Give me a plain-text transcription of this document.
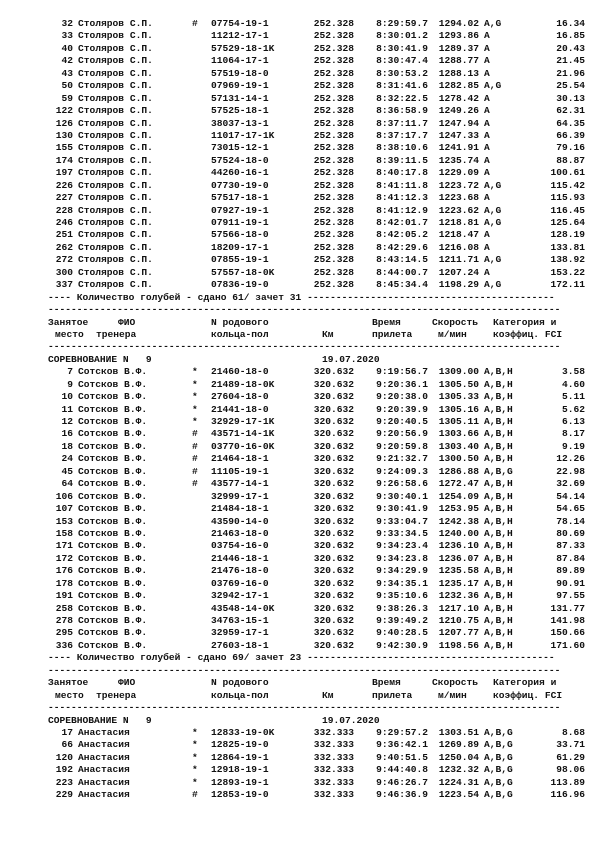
32 Столяров С.П.	# 07754-19-1	252.328	8:29:59.7	1294.02 A,G	16.34
33 Столяров С.П.	11212-17-1	252.328	8:30:01.2	1293.86 A	16.85
40 Столяров С.П.	57529-18-1K	252.328	8:30:41.9	1289.37 A	20.43
42 Столяров С.П.	11064-17-1	252.328	8:30:47.4	1288.77 A	21.45
43 Столяров С.П.	57519-18-0	252.328	8:30:53.2	1288.13 A	21.96
50 Столяров С.П.	07969-19-1	252.328	8:31:41.6	1282.85 A,G	25.54
59 Столяров С.П.	57131-14-1	252.328	8:32:22.5	1278.42 A	30.13
122 Столяров С.П.	57525-18-1	252.328	8:36:58.9	1249.26 A	62.31
126 Столяров С.П.	38037-13-1	252.328	8:37:11.7	1247.94 A	64.35
130 Столяров С.П.	11017-17-1K	252.328	8:37:17.7	1247.33 A	66.39
155 Столяров С.П.	73015-12-1	252.328	8:38:10.6	1241.91 A	79.16
174 Столяров С.П.	57524-18-0	252.328	8:39:11.5	1235.74 A	88.87
197 Столяров С.П.	44260-16-1	252.328	8:40:17.8	1229.09 A	100.61
226 Столяров С.П.	07730-19-0	252.328	8:41:11.8	1223.72 A,G	115.42
227 Столяров С.П.	57517-18-1	252.328	8:41:12.3	1223.68 A	115.93
228 Столяров С.П.	07927-19-1	252.328	8:41:12.9	1223.62 A,G	116.45
246 Столяров С.П.	07911-19-1	252.328	8:42:01.7	1218.81 A,G	125.64
251 Столяров С.П.	57566-18-0	252.328	8:42:05.2	1218.47 A	128.19
262 Столяров С.П.	18209-17-1	252.328	8:42:29.6	1216.08 A	133.81
272 Столяров С.П.	07855-19-1	252.328	8:43:14.5	1211.71 A,G	138.92
300 Столяров С.П.	57557-18-0K	252.328	8:44:00.7	1207.24 A	153.22
337 Столяров С.П.	07836-19-0	252.328	8:45:34.4	1198.29 A,G	172.11
---- Количество голубей - сдано 61/ зачет 31 -------------------------------------------
-----------------------------------------------------------------------------------------
Занятое	ФИО	N родового	Время	Скорость Категория и
место тренера	кольца-пол	Км	прилета	м/мин	коэффиц. FCI
-----------------------------------------------------------------------------------------
СОРЕВНОВАНИЕ N   9	19.07.2020
7 Сотсков В.Ф.	* 21460-18-0	320.632	9:19:56.7	1309.00 A,B,H	3.58
9 Сотсков В.Ф.	* 21489-18-0K	320.632	9:20:36.1	1305.50 A,B,H	4.60
10 Сотсков В.Ф.	* 27604-18-0	320.632	9:20:38.0	1305.33 A,B,H	5.11
11 Сотсков В.Ф.	* 21441-18-0	320.632	9:20:39.9	1305.16 A,B,H	5.62
12 Сотсков В.Ф.	* 32929-17-1K	320.632	9:20:40.5	1305.11 A,B,H	6.13
16 Сотсков В.Ф.	# 43571-14-1K	320.632	9:20:56.9	1303.66 A,B,H	8.17
18 Сотсков В.Ф.	# 03770-16-0K	320.632	9:20:59.8	1303.40 A,B,H	9.19
24 Сотсков В.Ф.	# 21464-18-1	320.632	9:21:32.7	1300.50 A,B,H	12.26
45 Сотсков В.Ф.	# 11105-19-1	320.632	9:24:09.3	1286.88 A,B,G	22.98
64 Сотсков В.Ф.	# 43577-14-1	320.632	9:26:58.6	1272.47 A,B,H	32.69
106 Сотсков В.Ф.	32999-17-1	320.632	9:30:40.1	1254.09 A,B,H	54.14
107 Сотсков В.Ф.	21484-18-1	320.632	9:30:41.9	1253.95 A,B,H	54.65
153 Сотсков В.Ф.	43590-14-0	320.632	9:33:04.7	1242.38 A,B,H	78.14
158 Сотсков В.Ф.	21463-18-0	320.632	9:33:34.5	1240.00 A,B,H	80.69
171 Сотсков В.Ф.	03754-16-0	320.632	9:34:23.4	1236.10 A,B,H	87.33
172 Сотсков В.Ф.	21446-18-1	320.632	9:34:23.8	1236.07 A,B,H	87.84
176 Сотсков В.Ф.	21476-18-0	320.632	9:34:29.9	1235.58 A,B,H	89.89
178 Сотсков В.Ф.	03769-16-0	320.632	9:34:35.1	1235.17 A,B,H	90.91
191 Сотсков В.Ф.	32942-17-1	320.632	9:35:10.6	1232.36 A,B,H	97.55
258 Сотсков В.Ф.	43548-14-0K	320.632	9:38:26.3	1217.10 A,B,H	131.77
278 Сотсков В.Ф.	34763-15-1	320.632	9:39:49.2	1210.75 A,B,H	141.98
295 Сотсков В.Ф.	32959-17-1	320.632	9:40:28.5	1207.77 A,B,H	150.66
336 Сотсков В.Ф.	27603-18-1	320.632	9:42:30.9	1198.56 A,B,H	171.60
---- Количество голубей - сдано 69/ зачет 23 -------------------------------------------
-----------------------------------------------------------------------------------------
Занятое	ФИО	N родового	Время	Скорость Категория и
место тренера	кольца-пол	Км	прилета	м/мин	коэффиц. FCI
-----------------------------------------------------------------------------------------
СОРЕВНОВАНИЕ N   9	19.07.2020
17 Анастасия	* 12833-19-0K	332.333	9:29:57.2	1303.51 A,B,G	8.68
66 Анастасия	* 12825-19-0	332.333	9:36:42.1	1269.89 A,B,G	33.71
120 Анастасия	* 12864-19-1	332.333	9:40:51.5	1250.04 A,B,G	61.29
192 Анастасия	* 12918-19-1	332.333	9:44:40.8	1232.32 A,B,G	98.06
223 Анастасия	* 12893-19-1	332.333	9:46:26.7	1224.31 A,B,G	113.89
229 Анастасия	# 12853-19-0	332.333	9:46:36.9	1223.54 A,B,G	116.96
